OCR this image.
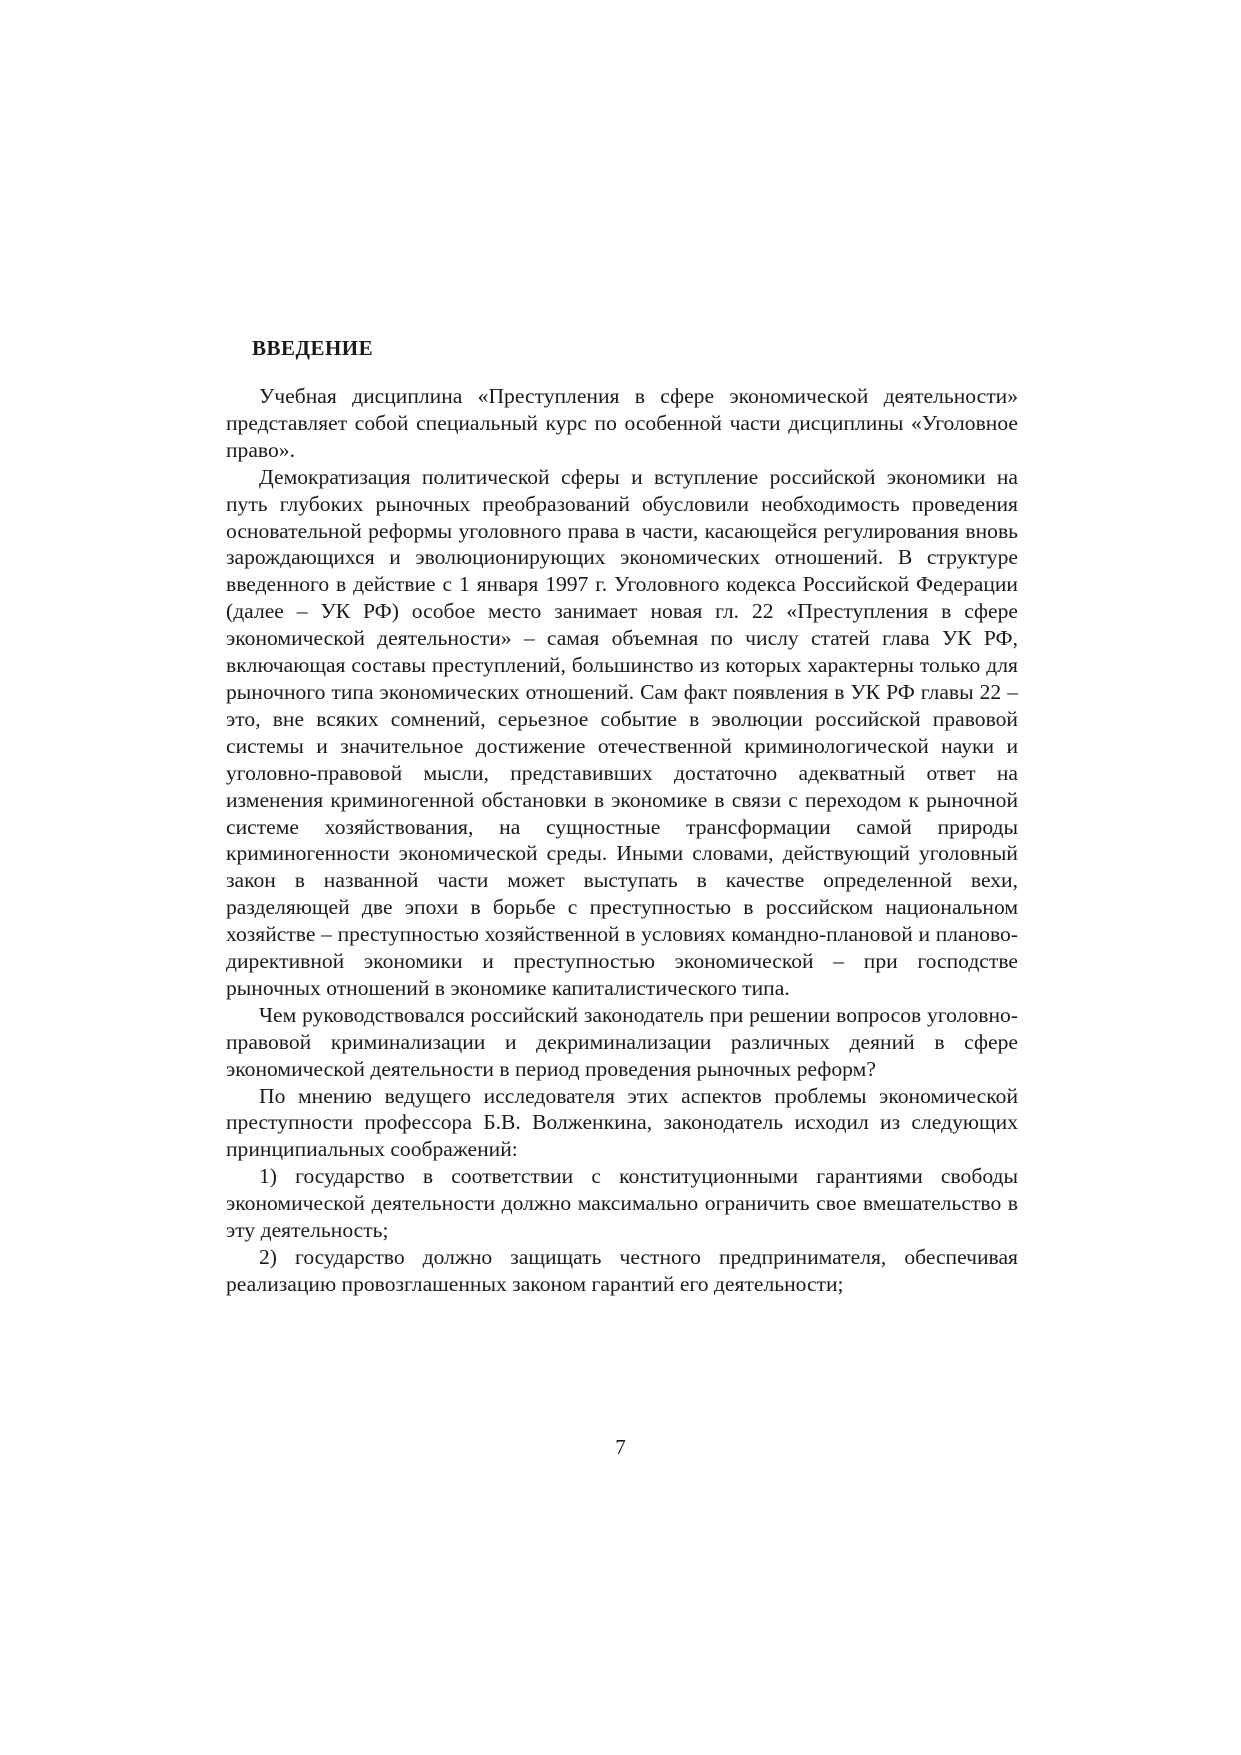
ВВЕДЕНИЕ

Учебная дисциплина «Преступления в сфере экономической деятельности» представляет собой специальный курс по особенной части дисциплины «Уголовное право».

Демократизация политической сферы и вступление российской экономики на путь глубоких рыночных преобразований обусловили необходимость проведения основательной реформы уголовного права в части, касающейся регулирования вновь зарождающихся и эволюционирующих экономических отношений. В структуре введенного в действие с 1 января 1997 г. Уголовного кодекса Российской Федерации (далее – УК РФ) особое место занимает новая гл. 22 «Преступления в сфере экономической деятельности» – самая объемная по числу статей глава УК РФ, включающая составы преступлений, большинство из которых характерны только для рыночного типа экономических отношений. Сам факт появления в УК РФ главы 22 – это, вне всяких сомнений, серьезное событие в эволюции российской правовой системы и значительное достижение отечественной криминологической науки и уголовно-правовой мысли, представивших достаточно адекватный ответ на изменения криминогенной обстановки в экономике в связи с переходом к рыночной системе хозяйствования, на сущностные трансформации самой природы криминогенности экономической среды. Иными словами, действующий уголовный закон в названной части может выступать в качестве определенной вехи, разделяющей две эпохи в борьбе с преступностью в российском национальном хозяйстве – преступностью хозяйственной в условиях командно-плановой и планово-директивной экономики и преступностью экономической – при господстве рыночных отношений в экономике капиталистического типа.

Чем руководствовался российский законодатель при решении вопросов уголовно-правовой криминализации и декриминализации различных деяний в сфере экономической деятельности в период проведения рыночных реформ?

По мнению ведущего исследователя этих аспектов проблемы экономической преступности профессора Б.В. Волженкина, законодатель исходил из следующих принципиальных соображений:

1) государство в соответствии с конституционными гарантиями свободы экономической деятельности должно максимально ограничить свое вмешательство в эту деятельность;

2) государство должно защищать честного предпринимателя, обеспечивая реализацию провозглашенных законом гарантий его деятельности;

7
